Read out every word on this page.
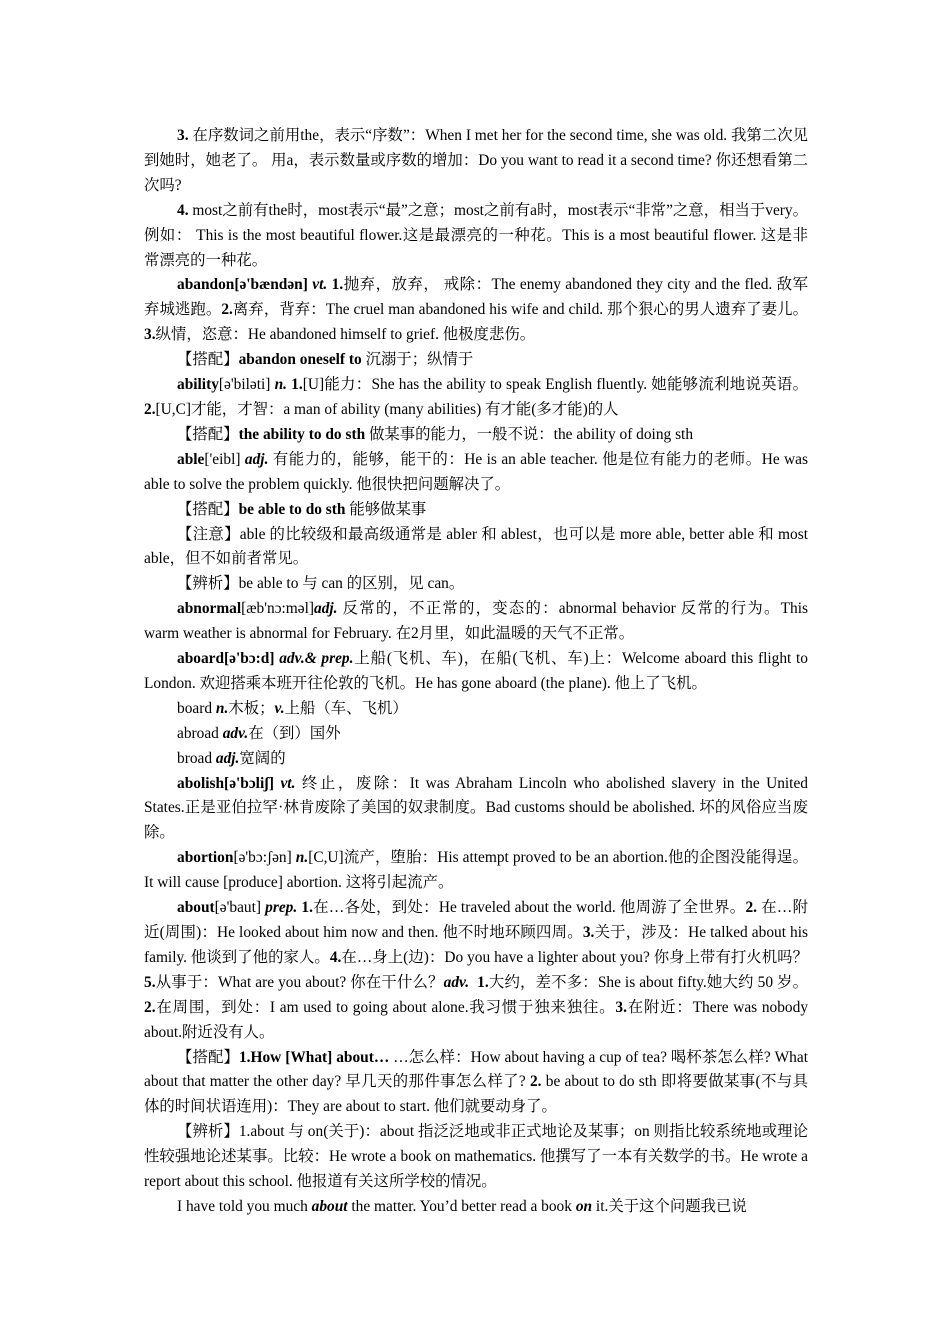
3. 在序数词之前用the，表示“序数”：When I met her for the second time, she was old. 我第二次见到她时，她老了。 用a，表示数量或序数的增加：Do you want to read it a second time? 你还想看第二次吗?

4. most之前有the时，most表示“最”之意；most之前有a时，most表示“非常”之意，相当于very。例如： This is the most beautiful flower.这是最漂亮的一种花。This is a most beautiful flower. 这是非常漂亮的一种花。

abandon[ə'bændən] vt. 1.抛弃，放弃， 戒除：The enemy abandoned they city and the fled. 敌军弃城逃跑。2.离弃，背弃：The cruel man abandoned his wife and child. 那个狠心的男人遗弃了妻儿。3.纵情，恣意：He abandoned himself to grief. 他极度悲伤。

【搭配】abandon oneself to 沉溺于；纵情于

ability[ə'biləti] n. 1.[U]能力：She has the ability to speak English fluently. 她能够流利地说英语。2.[U,C]才能，才智：a man of ability (many abilities) 有才能(多才能)的人

【搭配】the ability to do sth 做某事的能力，一般不说：the ability of doing sth

able['eibl] adj. 有能力的，能够，能干的：He is an able teacher. 他是位有能力的老师。He was able to solve the problem quickly. 他很快把问题解决了。

【搭配】be able to do sth 能够做某事

【注意】able 的比较级和最高级通常是 abler 和 ablest，也可以是 more able, better able 和 most able，但不如前者常见。

【辨析】be able to 与 can 的区别，见 can。

abnormal[æb'nɔ:məl]adj. 反常的，不正常的，变态的：abnormal behavior 反常的行为。This warm weather is abnormal for February. 在2月里，如此温暖的天气不正常。

aboard[ə'bɔ:d] adv.& prep.上船(飞机、车)，在船(飞机、车)上：Welcome aboard this flight to London. 欢迎搭乘本班开往伦敦的飞机。He has gone aboard (the plane). 他上了飞机。

board n.木板；v.上船（车、飞机）

abroad adv.在（到）国外

broad adj.宽阔的

abolish[ə'bɔliʃ] vt. 终止，废除：It was Abraham Lincoln who abolished slavery in the United States.正是亚伯拉罕·林肯废除了美国的奴隶制度。Bad customs should be abolished. 坏的风俗应当废除。

abortion[ə'bɔ:ʃən] n.[C,U]流产，堕胎：His attempt proved to be an abortion.他的企图没能得逞。It will cause [produce] abortion. 这将引起流产。

about[ə'baut] prep. 1.在…各处，到处：He traveled about the world. 他周游了全世界。2. 在…附近(周围)：He looked about him now and then. 他不时地环顾四周。3.关于，涉及：He talked about his family. 他谈到了他的家人。4.在…身上(边)：Do you have a lighter about you? 你身上带有打火机吗？ 5.从事于：What are you about? 你在干什么？adv.  1.大约，差不多：She is about fifty.她大约 50 岁。2.在周围，到处：I am used to going about alone.我习惯于独来独往。3.在附近：There was nobody about.附近没有人。

【搭配】1.How [What] about… …怎么样：How about having a cup of tea? 喝杯茶怎么样? What about that matter the other day? 早几天的那件事怎么样了? 2. be about to do sth 即将要做某事(不与具体的时间状语连用)：They are about to start. 他们就要动身了。

【辨析】1.about 与 on(关于)：about 指泛泛地或非正式地论及某事；on 则指比较系统地或理论性较强地论述某事。比较：He wrote a book on mathematics. 他撰写了一本有关数学的书。He wrote a report about this school. 他报道有关这所学校的情况。

I have told you much about the matter. You’d better read a book on it.关于这个问题我已说
